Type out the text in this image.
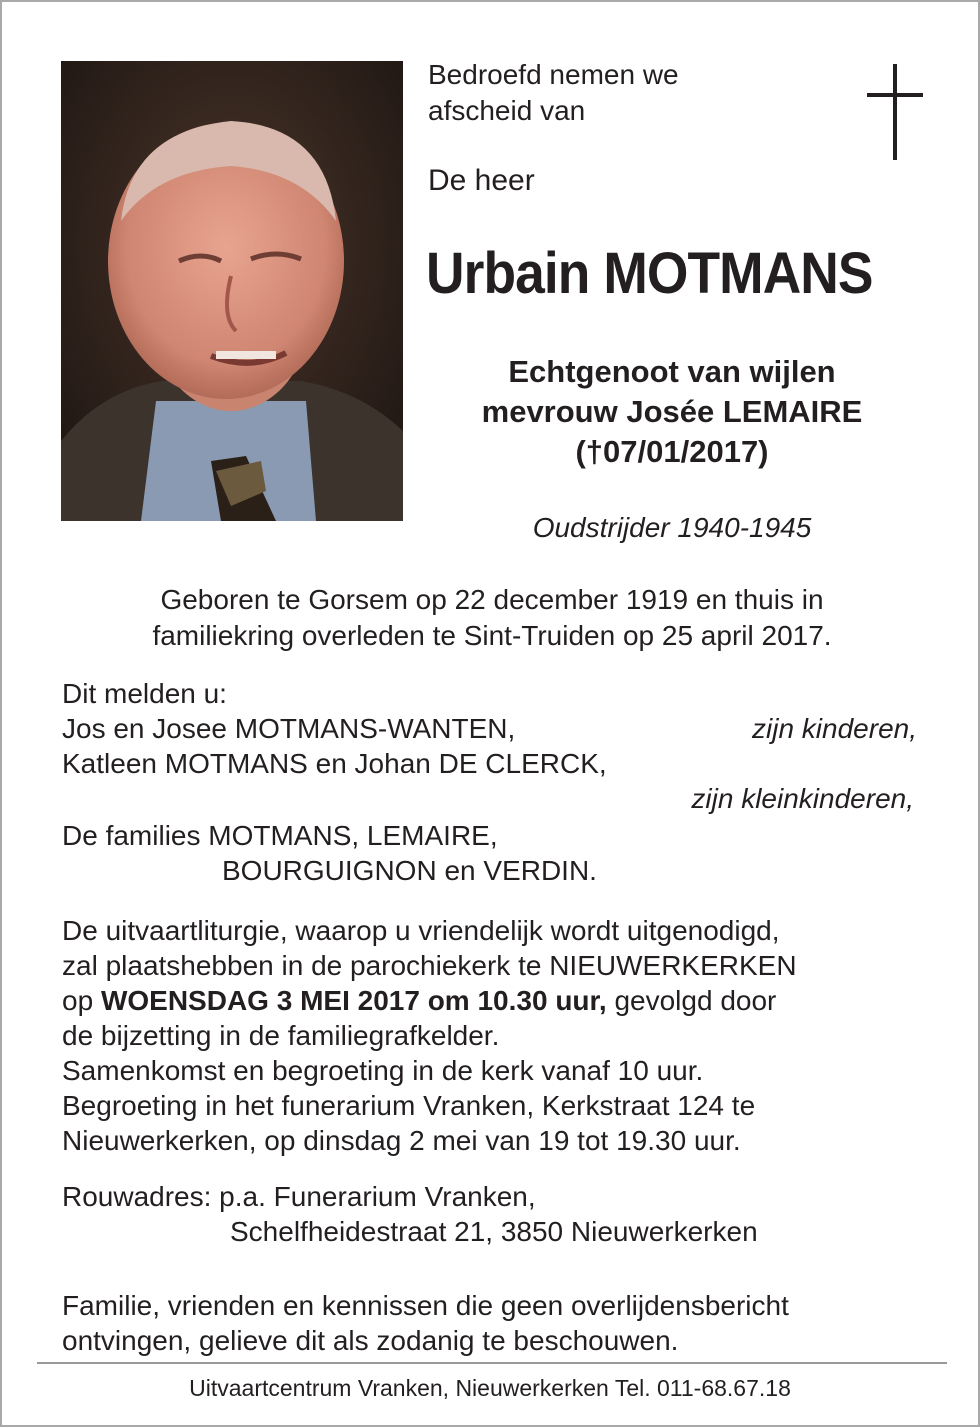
Bedroefd nemen we
afscheid van
De heer
Urbain MOTMANS
Echtgenoot van wijlen
mevrouw Josée LEMAIRE
(†07/01/2017)
Oudstrijder 1940-1945
Geboren te Gorsem op 22 december 1919 en thuis in
familiekring overleden te Sint-Truiden op 25 april 2017.
Dit melden u:
Jos en Josee MOTMANS-WANTEN,	zijn kinderen,
Katleen MOTMANS en Johan DE CLERCK,
zijn kleinkinderen,
De families MOTMANS, LEMAIRE,
BOURGUIGNON en VERDIN.
De uitvaartliturgie, waarop u vriendelijk wordt uitgenodigd,
zal plaatshebben in de parochiekerk te NIEUWERKERKEN
op WOENSDAG 3 MEI 2017 om 10.30 uur, gevolgd door
de bijzetting in de familiegrafkelder.
Samenkomst en begroeting in de kerk vanaf 10 uur.
Begroeting in het funerarium Vranken, Kerkstraat 124 te
Nieuwerkerken, op dinsdag 2 mei van 19 tot 19.30 uur.
Rouwadres: p.a. Funerarium Vranken,
Schelfheidestraat 21, 3850 Nieuwerkerken
Familie, vrienden en kennissen die geen overlijdensbericht
ontvingen, gelieve dit als zodanig te beschouwen.
Uitvaartcentrum Vranken, Nieuwerkerken Tel. 011-68.67.18
